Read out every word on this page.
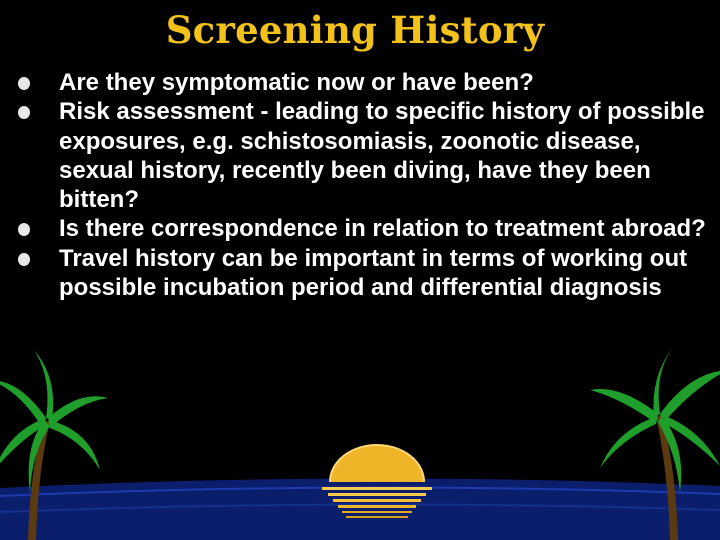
Screening History
Are they symptomatic now or have been?
Risk assessment - leading to specific history of possible exposures, e.g. schistosomiasis, zoonotic disease, sexual history, recently been diving, have they been bitten?
Is there correspondence in relation to treatment abroad?
Travel history can be important in terms of working out possible incubation period and differential diagnosis
